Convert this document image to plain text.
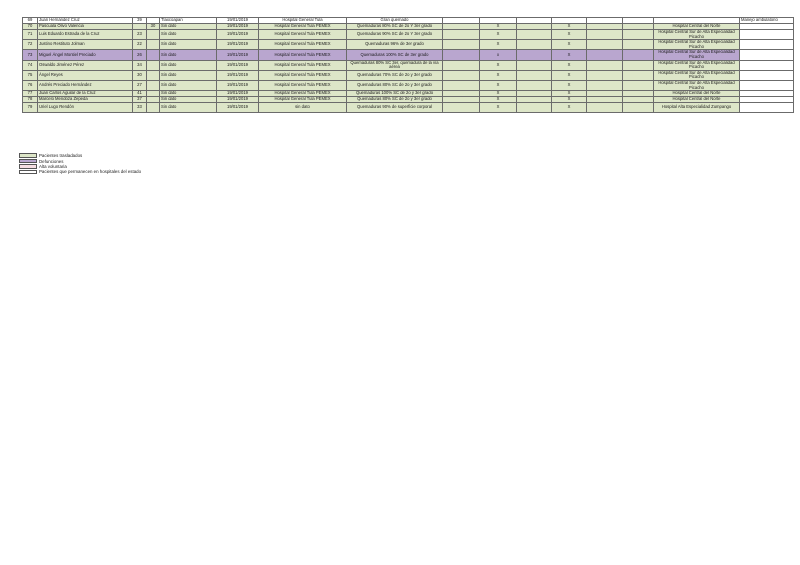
69	Juan Hernández Cruz	39		Tlaxcoapan	19/01/2019	Hospital General Tula	Gran quemado								Manejo ambulatorio
70	Pascuala Olivo Valencia		30	Sin dato	19/01/2019	Hospital General Tula PEMEX	Quemaduras 80% SC de 2o Y 3er grado		X		X			Hospital Central del Norte	
71	Luis Eduardo Estrada de la Cruz	23		Sin dato	19/01/2019	Hospital General Tula PEMEX	Quemaduras 90% SC de 2o Y 3er grado		X		X			Hospital Central Sur de Alta Especialidad Picacho	
72	Justino Restituto Jolman	22		Sin dato	19/01/2019	Hospital General Tula PEMEX	Quemaduras 96% de 3er grado		X		X			Hospital Central Sur de Alta Especialidad Picacho	
73	Miguel Ángel Montiel Preciado	26		Sin dato	19/01/2019	Hospital General Tula PEMEX	Quemaduras 100% SC de 3er grado		x		X			Hospital Central Sur de Alta Especialidad Picacho	
74	Oswaldo Jiménez Pérez	34		Sin dato	19/01/2019	Hospital General Tula PEMEX	Quemaduras 80% SC 3er, quemadura de la vía aérea		X		X			Hospital Central Sur de Alta Especialidad Picacho	
75	Ángel Reyes	30		Sin dato	19/01/2019	Hospital General Tula PEMEX	Quemaduras 70% SC de 2o y 3er grado		X		X			Hospital Central Sur de Alta Especialidad Picacho	
76	Andrés Preciado Hernández	27		Sin dato	19/01/2019	Hospital General Tula PEMEX	Quemaduras 80% SC de 2o y 3er grado		X		X			Hospital Central Sur de Alta Especialidad Picacho	
77	Juan Carlos Aguilar de la Cruz	41		Sin dato	19/01/2019	Hospital General Tula PEMEX	Quemaduras 100% SC de 2o y 3er grado		X		X			Hospital Central del Norte	
78	Marcelo Mendoza Zepeda	37		Sin dato	19/01/2019	Hospital General Tula PEMEX	Quemaduras 80% SC de 2o y 3er grado		X		X			Hospital Central del Norte	
79	Uriel Lugo Rendón	33		Sin dato	19/01/2019	sin dato	Quemaduras 90% de superficie corporal		X		X			Hospital Alta Especialidad Zumpango	
Pacientes trasladados
Defunciones
Alta voluntaria
Pacientes que permanecen en hospitales del estado
